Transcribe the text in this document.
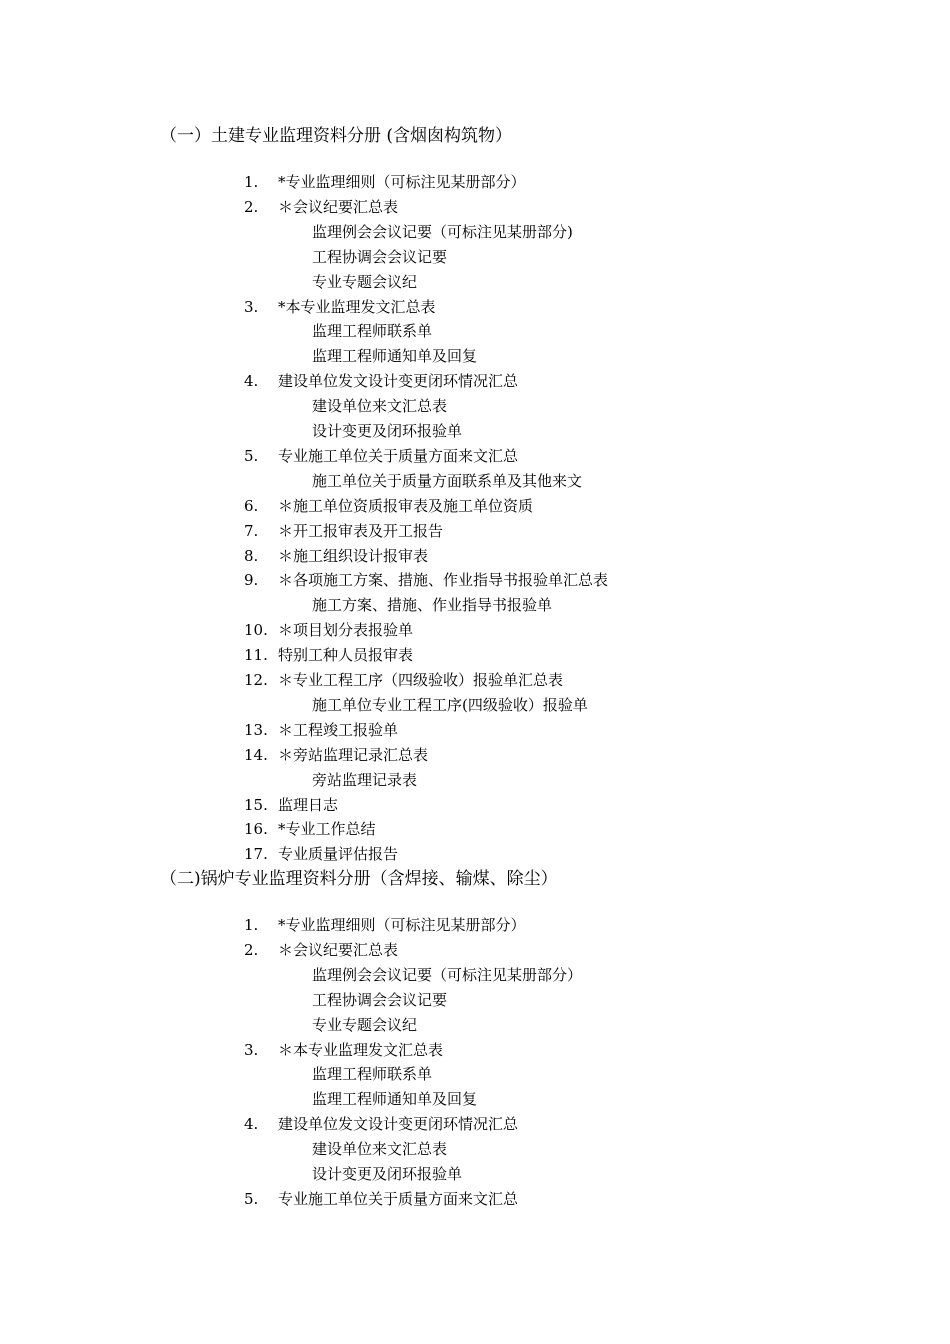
（一）土建专业监理资料分册 (含烟囱构筑物）
1. *专业监理细则（可标注见某册部分）
2. ＊会议纪要汇总表
监理例会会议记要（可标注见某册部分)
工程协调会会议记要
专业专题会议纪
3. *本专业监理发文汇总表
监理工程师联系单
监理工程师通知单及回复
4. 建设单位发文设计变更闭环情况汇总
建设单位来文汇总表
设计变更及闭环报验单
5. 专业施工单位关于质量方面来文汇总
施工单位关于质量方面联系单及其他来文
6. ＊施工单位资质报审表及施工单位资质
7. ＊开工报审表及开工报告
8. ＊施工组织设计报审表
9. ＊各项施工方案、措施、作业指导书报验单汇总表
施工方案、措施、作业指导书报验单
10. ＊项目划分表报验单
11. 特别工种人员报审表
12. ＊专业工程工序（四级验收）报验单汇总表
施工单位专业工程工序(四级验收）报验单
13. ＊工程竣工报验单
14. ＊旁站监理记录汇总表
旁站监理记录表
15. 监理日志
16. *专业工作总结
17. 专业质量评估报告
（二)锅炉专业监理资料分册（含焊接、输煤、除尘）
1. *专业监理细则（可标注见某册部分）
2. ＊会议纪要汇总表
监理例会会议记要（可标注见某册部分）
工程协调会会议记要
专业专题会议纪
3. ＊本专业监理发文汇总表
监理工程师联系单
监理工程师通知单及回复
4. 建设单位发文设计变更闭环情况汇总
建设单位来文汇总表
设计变更及闭环报验单
5. 专业施工单位关于质量方面来文汇总
